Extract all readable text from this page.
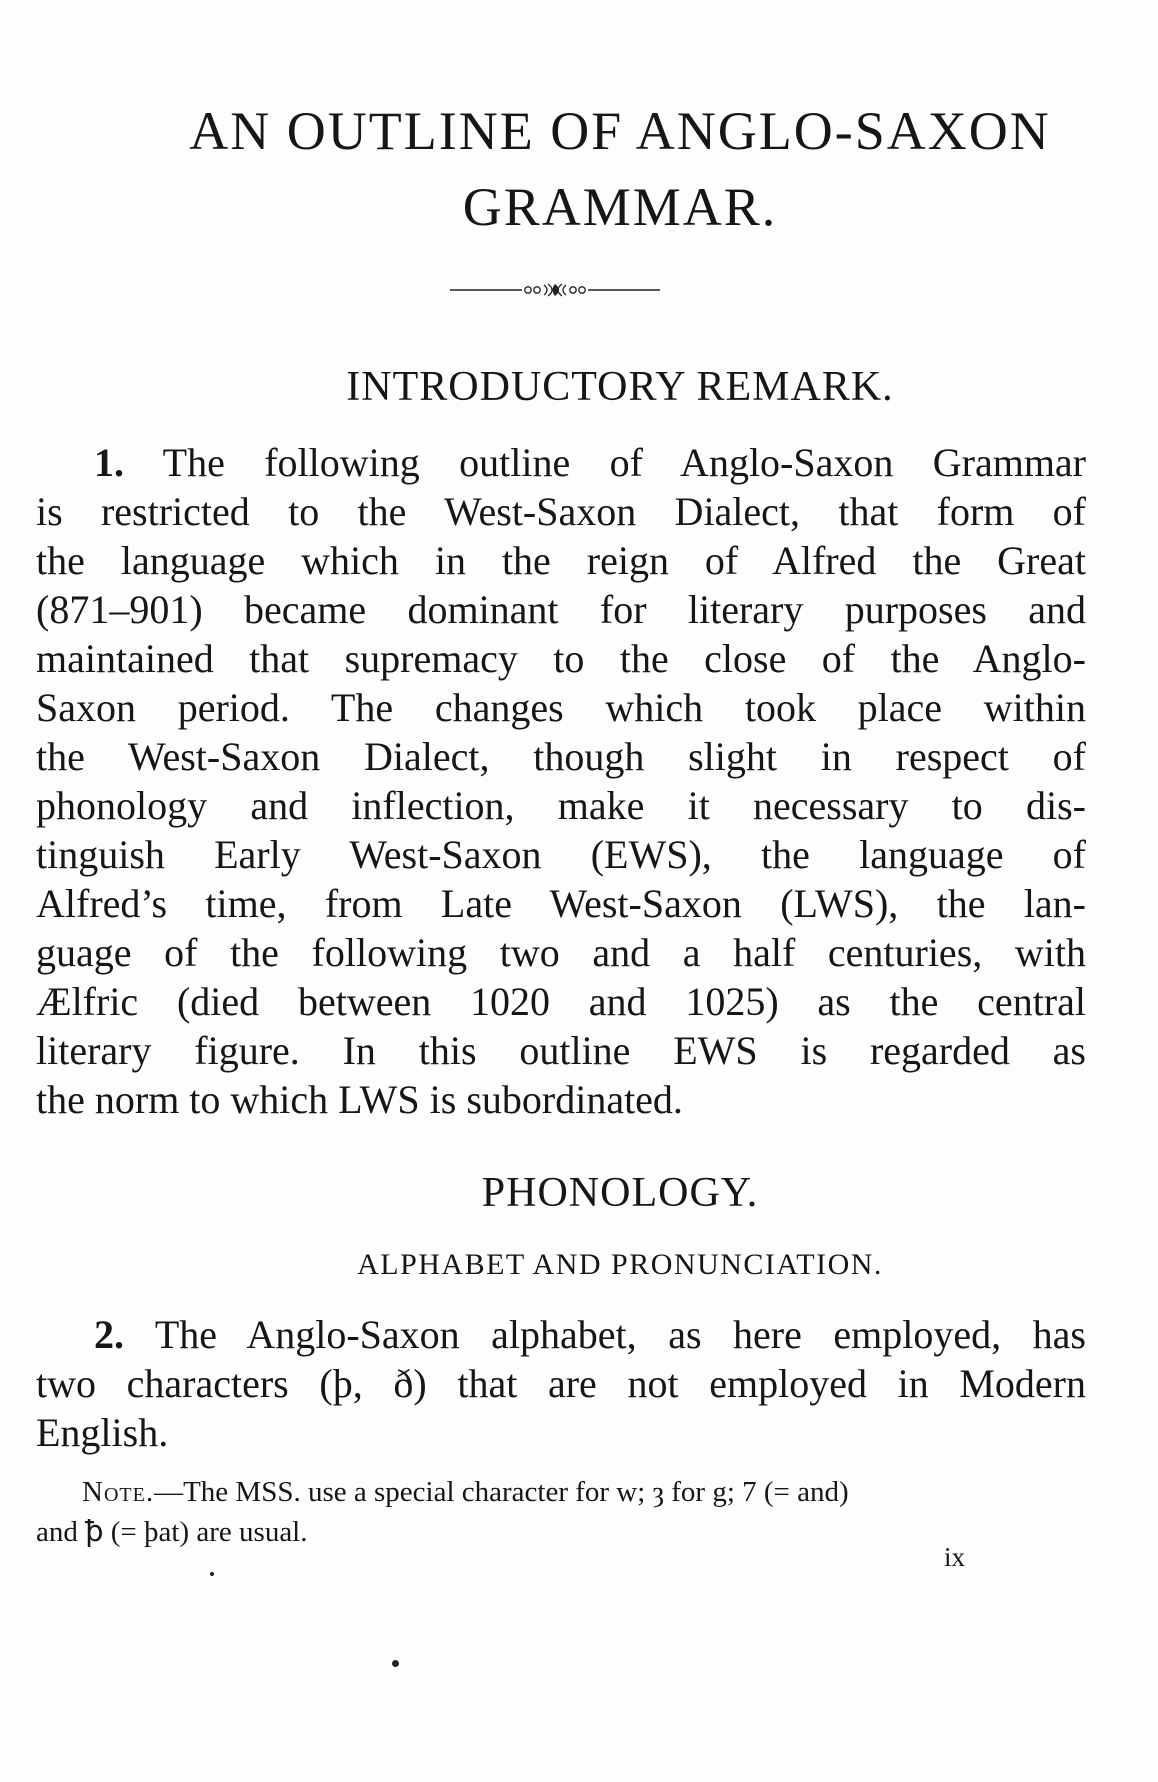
AN OUTLINE OF ANGLO-SAXON
GRAMMAR.
INTRODUCTORY REMARK.
1. The following outline of Anglo-Saxon Grammar
is restricted to the West-Saxon Dialect, that form of
the language which in the reign of Alfred the Great
(871–901) became dominant for literary purposes and
maintained that supremacy to the close of the Anglo-
Saxon period. The changes which took place within
the West-Saxon Dialect, though slight in respect of
phonology and inflection, make it necessary to dis-
tinguish Early West-Saxon (EWS), the language of
Alfred’s time, from Late West-Saxon (LWS), the lan-
guage of the following two and a half centuries, with
Ælfric (died between 1020 and 1025) as the central
literary figure. In this outline EWS is regarded as
the norm to which LWS is subordinated.
PHONOLOGY.
ALPHABET AND PRONUNCIATION.
2. The Anglo-Saxon alphabet, as here employed, has
two characters (þ, ð) that are not employed in Modern
English.
Note.—The MSS. use a special character for w; ȝ for g; 7 (= and)
and ꝥ (= þat) are usual.
ix
